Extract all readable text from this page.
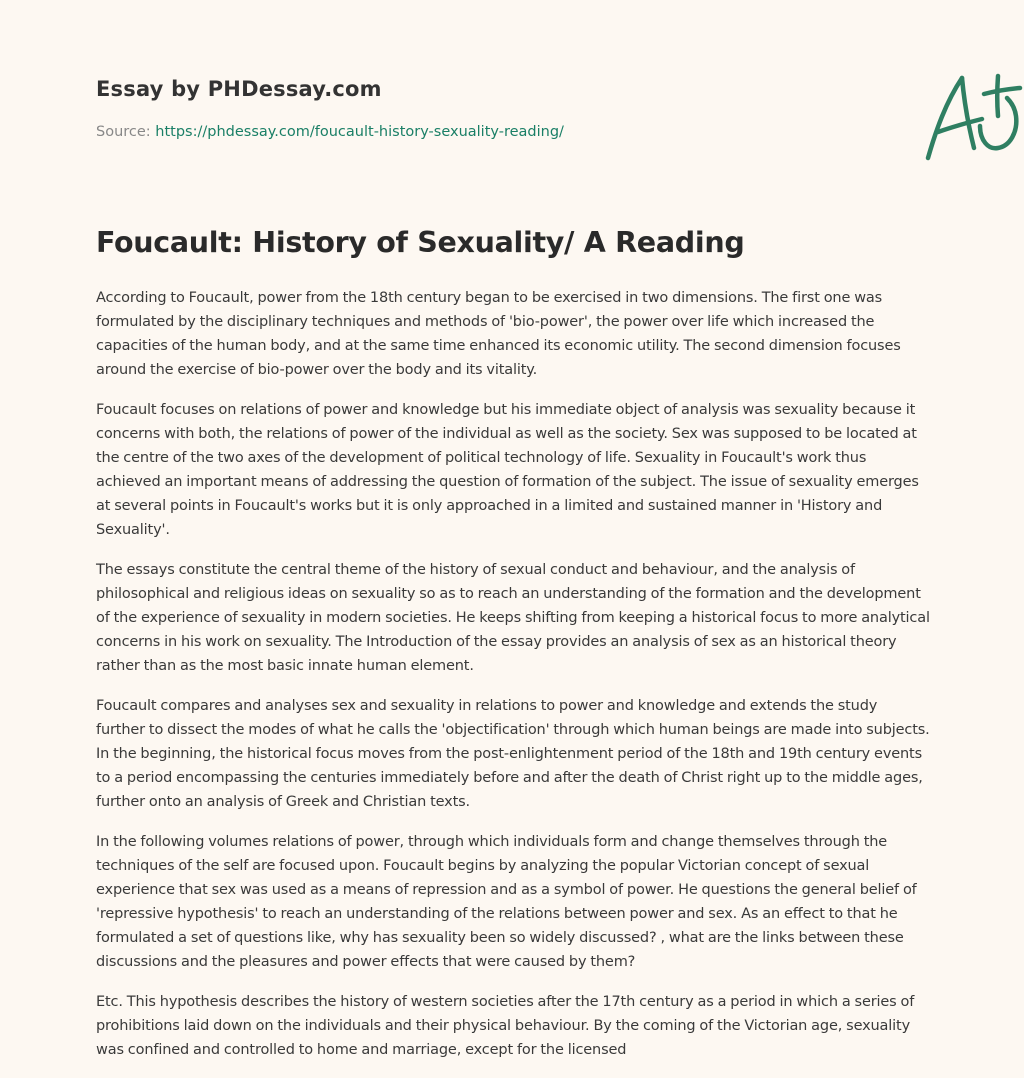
Essay by PHDessay.com

Source: https://phdessay.com/foucault-history-sexuality-reading/

Foucault: History of Sexuality/ A Reading

According to Foucault, power from the 18th century began to be exercised in two dimensions. The first one was formulated by the disciplinary techniques and methods of 'bio-power', the power over life which increased the capacities of the human body, and at the same time enhanced its economic utility. The second dimension focuses around the exercise of bio-power over the body and its vitality.

Foucault focuses on relations of power and knowledge but his immediate object of analysis was sexuality because it concerns with both, the relations of power of the individual as well as the society. Sex was supposed to be located at the centre of the two axes of the development of political technology of life. Sexuality in Foucault's work thus achieved an important means of addressing the question of formation of the subject. The issue of sexuality emerges at several points in Foucault's works but it is only approached in a limited and sustained manner in 'History and Sexuality'.

The essays constitute the central theme of the history of sexual conduct and behaviour, and the analysis of philosophical and religious ideas on sexuality so as to reach an understanding of the formation and the development of the experience of sexuality in modern societies. He keeps shifting from keeping a historical focus to more analytical concerns in his work on sexuality. The Introduction of the essay provides an analysis of sex as an historical theory rather than as the most basic innate human element.

Foucault compares and analyses sex and sexuality in relations to power and knowledge and extends the study further to dissect the modes of what he calls the 'objectification' through which human beings are made into subjects. In the beginning, the historical focus moves from the post-enlightenment period of the 18th and 19th century events to a period encompassing the centuries immediately before and after the death of Christ right up to the middle ages, further onto an analysis of Greek and Christian texts.

In the following volumes relations of power, through which individuals form and change themselves through the techniques of the self are focused upon. Foucault begins by analyzing the popular Victorian concept of sexual experience that sex was used as a means of repression and as a symbol of power. He questions the general belief of 'repressive hypothesis' to reach an understanding of the relations between power and sex. As an effect to that he formulated a set of questions like, why has sexuality been so widely discussed? , what are the links between these discussions and the pleasures and power effects that were caused by them?

Etc. This hypothesis describes the history of western societies after the 17th century as a period in which a series of prohibitions laid down on the individuals and their physical behaviour. By the coming of the Victorian age, sexuality was confined and controlled to home and marriage, except for the licensed
